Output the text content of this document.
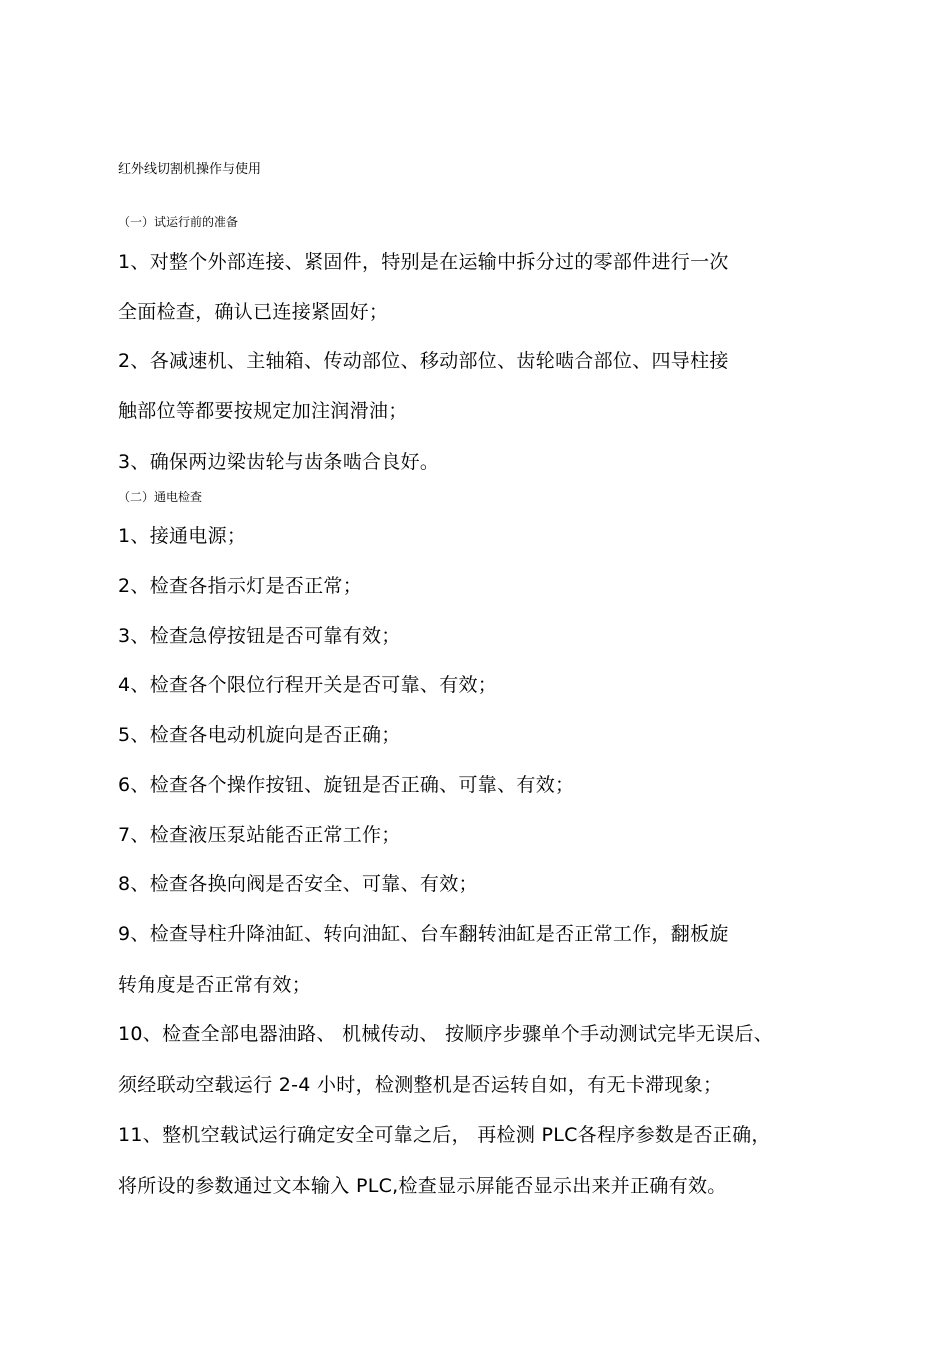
红外线切割机操作与使用
（一）试运行前的准备
1、对整个外部连接、紧固件，特别是在运输中拆分过的零部件进行一次
全面检查，确认已连接紧固好；
2、各减速机、主轴箱、传动部位、移动部位、齿轮啮合部位、四导柱接
触部位等都要按规定加注润滑油；
3、确保两边梁齿轮与齿条啮合良好。
（二）通电检查
1、接通电源；
2、检查各指示灯是否正常；
3、检查急停按钮是否可靠有效；
4、检查各个限位行程开关是否可靠、有效；
5、检查各电动机旋向是否正确；
6、检查各个操作按钮、旋钮是否正确、可靠、有效；
7、检查液压泵站能否正常工作；
8、检查各换向阀是否安全、可靠、有效；
9、检查导柱升降油缸、转向油缸、台车翻转油缸是否正常工作，翻板旋
转角度是否正常有效；
10、检查全部电器油路、 机械传动、 按顺序步骤单个手动测试完毕无误后、
须经联动空载运行 2-4 小时，检测整机是否运转自如，有无卡滞现象；
11、整机空载试运行确定安全可靠之后， 再检测 PLC各程序参数是否正确，
将所设的参数通过文本输入 PLC,检查显示屏能否显示出来并正确有效。
